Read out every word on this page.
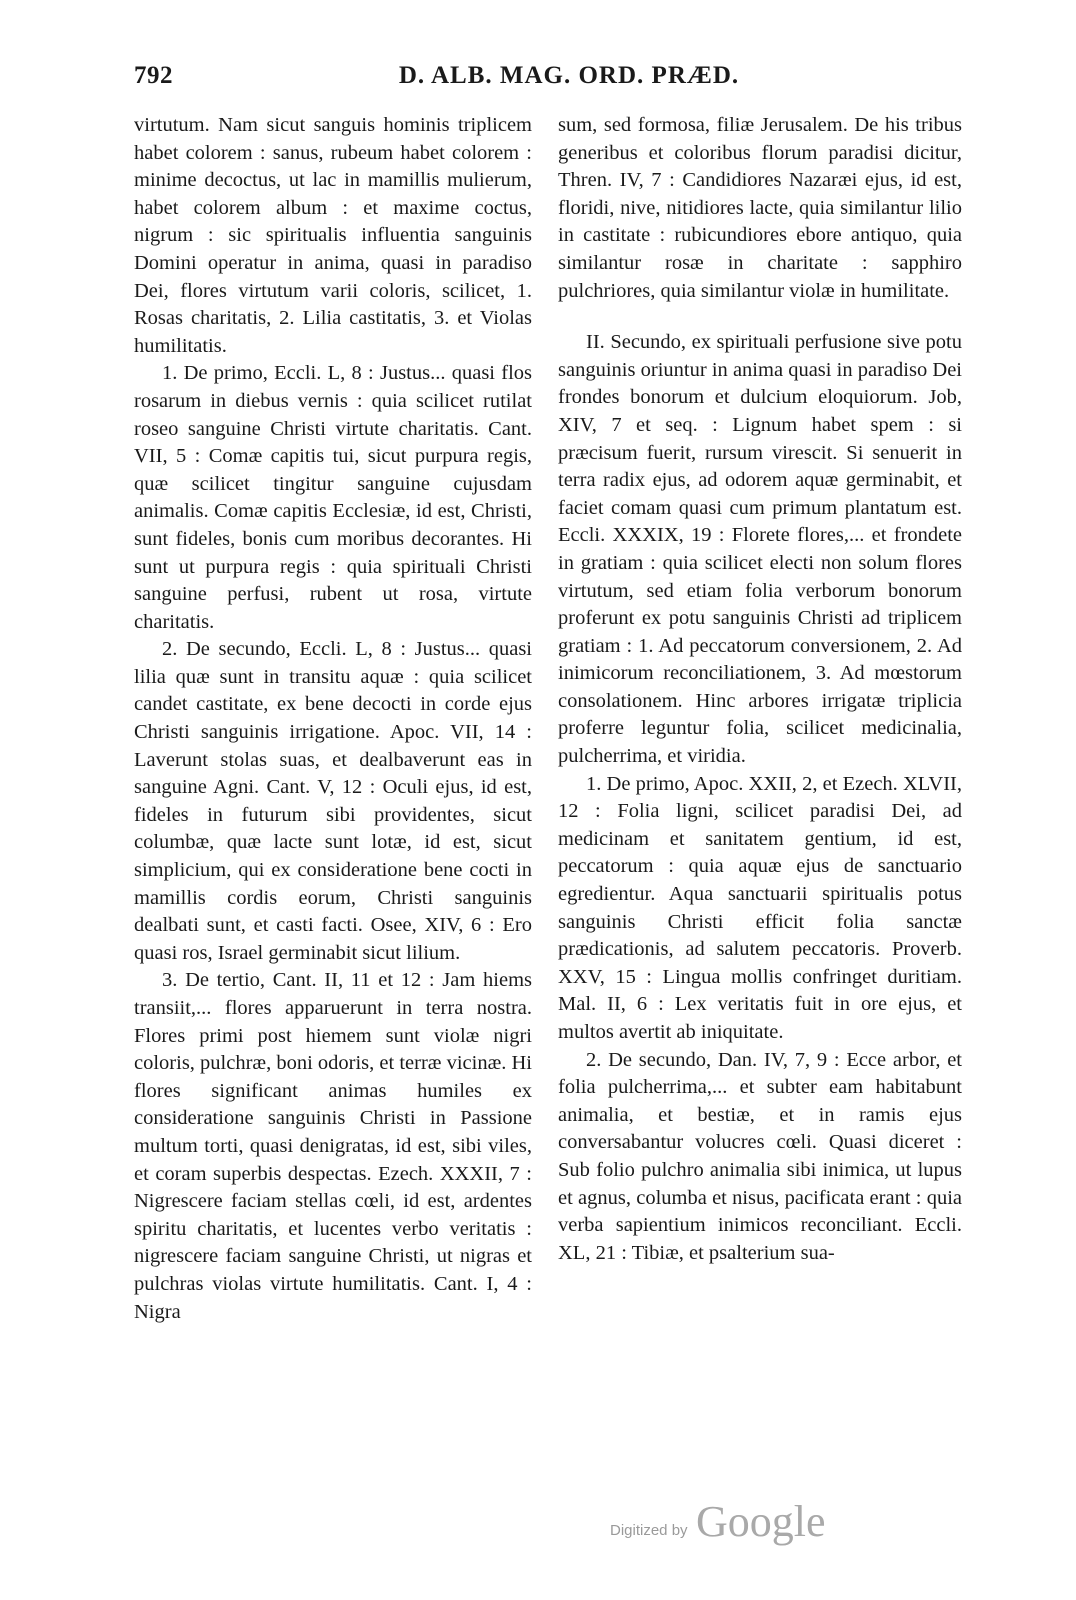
792	D. ALB. MAG. ORD. PRÆD.

virtutum. Nam sicut sanguis hominis triplicem habet colorem : sanus, rubeum habet colorem : minime decoctus, ut lac in mamillis mulierum, habet colorem album : et maxime coctus, nigrum : sic spiritualis influentia sanguinis Domini operatur in anima, quasi in paradiso Dei, flores virtutum varii coloris, scilicet, 1. Rosas charitatis, 2. Lilia castitatis, 3. et Violas humilitatis.

1. De primo, Eccli. L, 8 : Justus... quasi flos rosarum in diebus vernis : quia scilicet rutilat roseo sanguine Christi virtute charitatis. Cant. VII, 5 : Comæ capitis tui, sicut purpura regis, quæ scilicet tingitur sanguine cujusdam animalis. Comæ capitis Ecclesiæ, id est, Christi, sunt fideles, bonis cum moribus decorantes. Hi sunt ut purpura regis : quia spirituali Christi sanguine perfusi, rubent ut rosa, virtute charitatis.

2. De secundo, Eccli. L, 8 : Justus... quasi lilia quæ sunt in transitu aquæ : quia scilicet candet castitate, ex bene decocti in corde ejus Christi sanguinis irrigatione. Apoc. VII, 14 : Laverunt stolas suas, et dealbaverunt eas in sanguine Agni. Cant. V, 12 : Oculi ejus, id est, fideles in futurum sibi providentes, sicut columbæ, quæ lacte sunt lotæ, id est, sicut simplicium, qui ex consideratione bene cocti in mamillis cordis eorum, Christi sanguinis dealbati sunt, et casti facti. Osee, XIV, 6 : Ero quasi ros, Israel germinabit sicut lilium.

3. De tertio, Cant. II, 11 et 12 : Jam hiems transiit,... flores apparuerunt in terra nostra. Flores primi post hiemem sunt violæ nigri coloris, pulchræ, boni odoris, et terræ vicinæ. Hi flores significant animas humiles ex consideratione sanguinis Christi in Passione multum torti, quasi denigratas, id est, sibi viles, et coram superbis despectas. Ezech. XXXII, 7 : Nigrescere faciam stellas cœli, id est, ardentes spiritu charitatis, et lucentes verbo veritatis : nigrescere faciam sanguine Christi, ut nigras et pulchras violas virtute humilitatis. Cant. I, 4 : Nigra

sum, sed formosa, filiæ Jerusalem. De his tribus generibus et coloribus florum paradisi dicitur, Thren. IV, 7 : Candidiores Nazaræi ejus, id est, floridi, nive, nitidiores lacte, quia similantur lilio in castitate : rubicundiores ebore antiquo, quia similantur rosæ in charitate : sapphiro pulchriores, quia similantur violæ in humilitate.

II. Secundo, ex spirituali perfusione sive potu sanguinis oriuntur in anima quasi in paradiso Dei frondes bonorum et dulcium eloquiorum. Job, XIV, 7 et seq. : Lignum habet spem : si præcisum fuerit, rursum virescit. Si senuerit in terra radix ejus, ad odorem aquæ germinabit, et faciet comam quasi cum primum plantatum est. Eccli. XXXIX, 19 : Florete flores,... et frondete in gratiam : quia scilicet electi non solum flores virtutum, sed etiam folia verborum bonorum proferunt ex potu sanguinis Christi ad triplicem gratiam : 1. Ad peccatorum conversionem, 2. Ad inimicorum reconciliationem, 3. Ad mœstorum consolationem. Hinc arbores irrigatæ triplicia proferre leguntur folia, scilicet medicinalia, pulcherrima, et viridia.

1. De primo, Apoc. XXII, 2, et Ezech. XLVII, 12 : Folia ligni, scilicet paradisi Dei, ad medicinam et sanitatem gentium, id est, peccatorum : quia aquæ ejus de sanctuario egredientur. Aqua sanctuarii spiritualis potus sanguinis Christi efficit folia sanctæ prædicationis, ad salutem peccatoris. Proverb. XXV, 15 : Lingua mollis confringet duritiam. Mal. II, 6 : Lex veritatis fuit in ore ejus, et multos avertit ab iniquitate.

2. De secundo, Dan. IV, 7, 9 : Ecce arbor, et folia pulcherrima,... et subter eam habitabunt animalia, et bestiæ, et in ramis ejus conversabantur volucres cœli. Quasi diceret : Sub folio pulchro animalia sibi inimica, ut lupus et agnus, columba et nisus, pacificata erant : quia verba sapientium inimicos reconciliant. Eccli. XL, 21 : Tibiæ, et psalterium sua-

Digitized by Google
